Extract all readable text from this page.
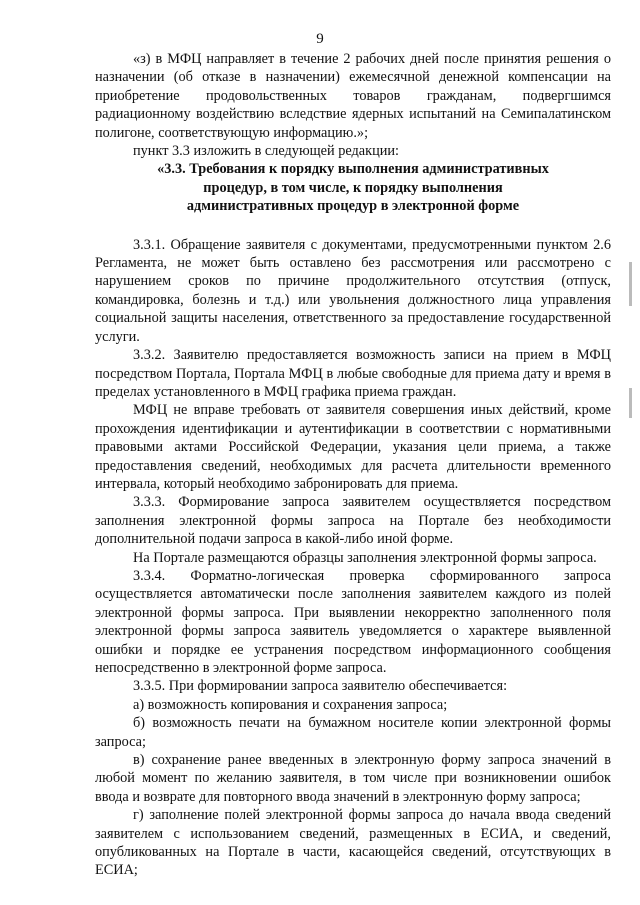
9

«з) в МФЦ направляет в течение 2 рабочих дней после принятия решения о назначении (об отказе в назначении) ежемесячной денежной компенсации на приобретение продовольственных товаров гражданам, подвергшимся радиационному воздействию вследствие ядерных испытаний на Семипалатинском полигоне, соответствующую информацию.»;

пункт 3.3 изложить в следующей редакции:

«3.3. Требования к порядку выполнения административных
процедур, в том числе, к порядку выполнения
административных процедур в электронной форме

3.3.1. Обращение заявителя с документами, предусмотренными пунктом 2.6 Регламента, не может быть оставлено без рассмотрения или рассмотрено с нарушением сроков по причине продолжительного отсутствия (отпуск, командировка, болезнь и т.д.) или увольнения должностного лица управления социальной защиты населения, ответственного за предоставление государственной услуги.

3.3.2. Заявителю предоставляется возможность записи на прием в МФЦ посредством Портала, Портала МФЦ в любые свободные для приема дату и время в пределах установленного в МФЦ графика приема граждан.

МФЦ не вправе требовать от заявителя совершения иных действий, кроме прохождения идентификации и аутентификации в соответствии с нормативными правовыми актами Российской Федерации, указания цели приема, а также предоставления сведений, необходимых для расчета длительности временного интервала, который необходимо забронировать для приема.

3.3.3. Формирование запроса заявителем осуществляется посредством заполнения электронной формы запроса на Портале без необходимости дополнительной подачи запроса в какой-либо иной форме.

На Портале размещаются образцы заполнения электронной формы запроса.

3.3.4. Форматно-логическая проверка сформированного запроса осуществляется автоматически после заполнения заявителем каждого из полей электронной формы запроса. При выявлении некорректно заполненного поля электронной формы запроса заявитель уведомляется о характере выявленной ошибки и порядке ее устранения посредством информационного сообщения непосредственно в электронной форме запроса.

3.3.5. При формировании запроса заявителю обеспечивается:

а) возможность копирования и сохранения запроса;

б) возможность печати на бумажном носителе копии электронной формы запроса;

в) сохранение ранее введенных в электронную форму запроса значений в любой момент по желанию заявителя, в том числе при возникновении ошибок ввода и возврате для повторного ввода значений в электронную форму запроса;

г) заполнение полей электронной формы запроса до начала ввода сведений заявителем с использованием сведений, размещенных в ЕСИА, и сведений, опубликованных на Портале в части, касающейся сведений, отсутствующих в ЕСИА;
